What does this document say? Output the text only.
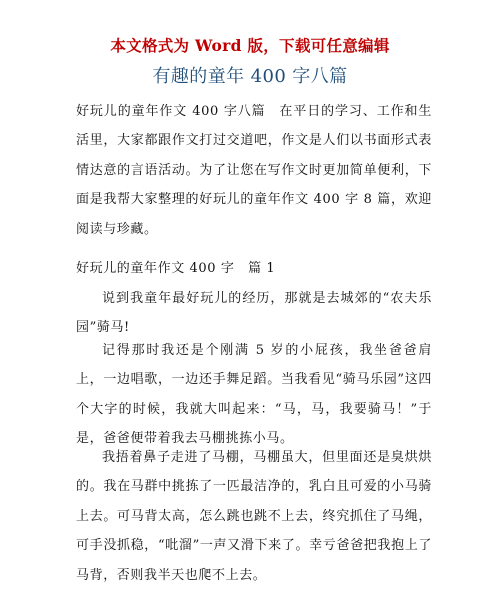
本文格式为 Word 版，下载可任意编辑
有趣的童年 400 字八篇
好玩儿的童年作文 400 字八篇　在平日的学习、工作和生活里，大家都跟作文打过交道吧，作文是人们以书面形式表情达意的言语活动。为了让您在写作文时更加简单便利，下面是我帮大家整理的好玩儿的童年作文 400 字 8 篇，欢迎阅读与珍藏。
好玩儿的童年作文 400 字　篇 1
说到我童年最好玩儿的经历，那就是去城郊的“农夫乐园”骑马!
记得那时我还是个刚满 5 岁的小屁孩，我坐爸爸肩上，一边唱歌，一边还手舞足蹈。当我看见“骑马乐园”这四个大字的时候，我就大叫起来：“马，马，我要骑马！”于是，爸爸便带着我去马棚挑拣小马。
我捂着鼻子走进了马棚，马棚虽大，但里面还是臭烘烘的。我在马群中挑拣了一匹最洁净的，乳白且可爱的小马骑上去。可马背太高，怎么跳也跳不上去，终究抓住了马绳，可手没抓稳，“吡溜”一声又滑下来了。幸亏爸爸把我抱上了马背，否则我半天也爬不上去。
